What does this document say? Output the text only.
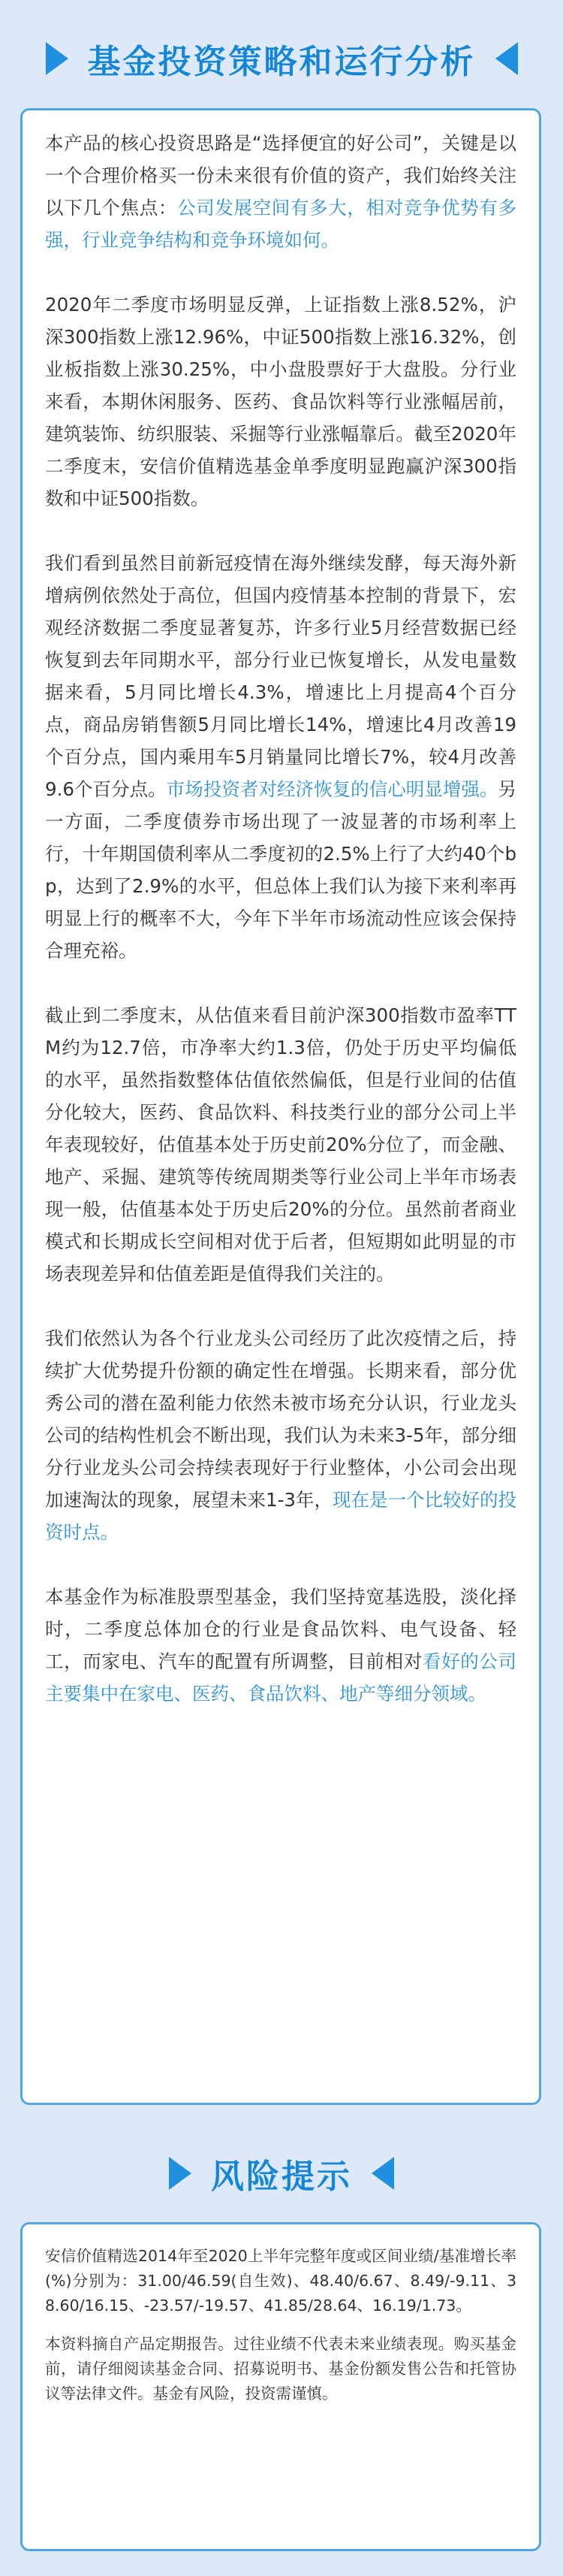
基金投资策略和运行分析

本产品的核心投资思路是“选择便宜的好公司”，关键是以一个合理价格买一份未来很有价值的资产，我们始终关注以下几个焦点：公司发展空间有多大，相对竞争优势有多强，行业竞争结构和竞争环境如何。

2020年二季度市场明显反弹，上证指数上涨8.52%，沪深300指数上涨12.96%，中证500指数上涨16.32%，创业板指数上涨30.25%，中小盘股票好于大盘股。分行业来看，本期休闲服务、医药、食品饮料等行业涨幅居前，建筑装饰、纺织服装、采掘等行业涨幅靠后。截至2020年二季度末，安信价值精选基金单季度明显跑赢沪深300指数和中证500指数。

我们看到虽然目前新冠疫情在海外继续发酵，每天海外新增病例依然处于高位，但国内疫情基本控制的背景下，宏观经济数据二季度显著复苏，许多行业5月经营数据已经恢复到去年同期水平，部分行业已恢复增长，从发电量数据来看，5月同比增长4.3%，增速比上月提高4个百分点，商品房销售额5月同比增长14%，增速比4月改善19个百分点，国内乘用车5月销量同比增长7%，较4月改善9.6个百分点。市场投资者对经济恢复的信心明显增强。另一方面，二季度债券市场出现了一波显著的市场利率上行，十年期国债利率从二季度初的2.5%上行了大约40个bp，达到了2.9%的水平，但总体上我们认为接下来利率再明显上行的概率不大，今年下半年市场流动性应该会保持合理充裕。

截止到二季度末，从估值来看目前沪深300指数市盈率TTM约为12.7倍，市净率大约1.3倍，仍处于历史平均偏低的水平，虽然指数整体估值依然偏低，但是行业间的估值分化较大，医药、食品饮料、科技类行业的部分公司上半年表现较好，估值基本处于历史前20%分位了，而金融、地产、采掘、建筑等传统周期类等行业公司上半年市场表现一般，估值基本处于历史后20%的分位。虽然前者商业模式和长期成长空间相对优于后者，但短期如此明显的市场表现差异和估值差距是值得我们关注的。

我们依然认为各个行业龙头公司经历了此次疫情之后，持续扩大优势提升份额的确定性在增强。长期来看，部分优秀公司的潜在盈利能力依然未被市场充分认识，行业龙头公司的结构性机会不断出现，我们认为未来3-5年，部分细分行业龙头公司会持续表现好于行业整体，小公司会出现加速淘汰的现象，展望未来1-3年，现在是一个比较好的投资时点。

本基金作为标准股票型基金，我们坚持宽基选股，淡化择时，二季度总体加仓的行业是食品饮料、电气设备、轻工，而家电、汽车的配置有所调整，目前相对看好的公司主要集中在家电、医药、食品饮料、地产等细分领域。

风险提示

安信价值精选2014年至2020上半年完整年度或区间业绩/基准增长率(%)分别为：31.00/46.59(自生效)、48.40/6.67、8.49/-9.11、38.60/16.15、-23.57/-19.57、41.85/28.64、16.19/1.73。

本资料摘自产品定期报告。过往业绩不代表未来业绩表现。购买基金前，请仔细阅读基金合同、招募说明书、基金份额发售公告和托管协议等法律文件。基金有风险，投资需谨慎。
